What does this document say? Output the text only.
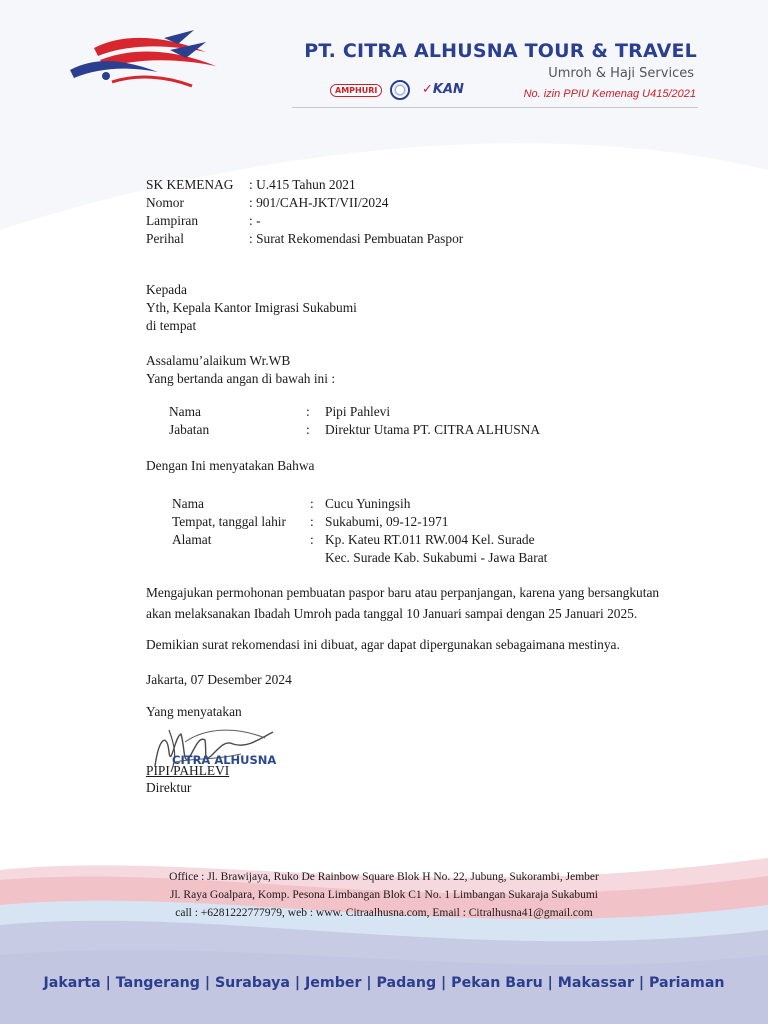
PT. CITRA ALHUSNA TOUR & TRAVEL
Umroh & Haji Services
AMPHURI	✓KAN	No. izin PPIU Kemenag U415/2021
SK KEMENAG : U.415 Tahun 2021
Nomor	: 901/CAH-JKT/VII/2024
Lampiran	: -
Perihal	: Surat Rekomendasi Pembuatan Paspor
Kepada
Yth, Kepala Kantor Imigrasi Sukabumi
di tempat
Assalamu’alaikum Wr.WB
Yang bertanda angan di bawah ini :
Nama	: Pipi Pahlevi
Jabatan	: Direktur Utama PT. CITRA ALHUSNA
Dengan Ini menyatakan Bahwa
Nama	: Cucu Yuningsih
Tempat, tanggal lahir : Sukabumi, 09-12-1971
Alamat	: Kp. Kateu RT.011 RW.004 Kel. Surade
Kec. Surade Kab. Sukabumi - Jawa Barat
Mengajukan permohonan pembuatan paspor baru atau perpanjangan, karena yang bersangkutan
akan melaksanakan Ibadah Umroh pada tanggal 10 Januari sampai dengan 25 Januari 2025.
Demikian surat rekomendasi ini dibuat, agar dapat dipergunakan sebagaimana mestinya.
Jakarta, 07 Desember 2024
Yang menyatakan
CITRA ALHUSNA
PIPI PAHLEVI
Direktur
Office : Jl. Brawijaya, Ruko De Rainbow Square Blok H No. 22, Jubung, Sukorambi, Jember
Jl. Raya Goalpara, Komp. Pesona Limbangan Blok C1 No. 1 Limbangan Sukaraja Sukabumi
call : +6281222777979, web : www. Citraalhusna.com, Email : Citralhusna41@gmail.com
Jakarta | Tangerang | Surabaya | Jember | Padang | Pekan Baru | Makassar | Pariaman
